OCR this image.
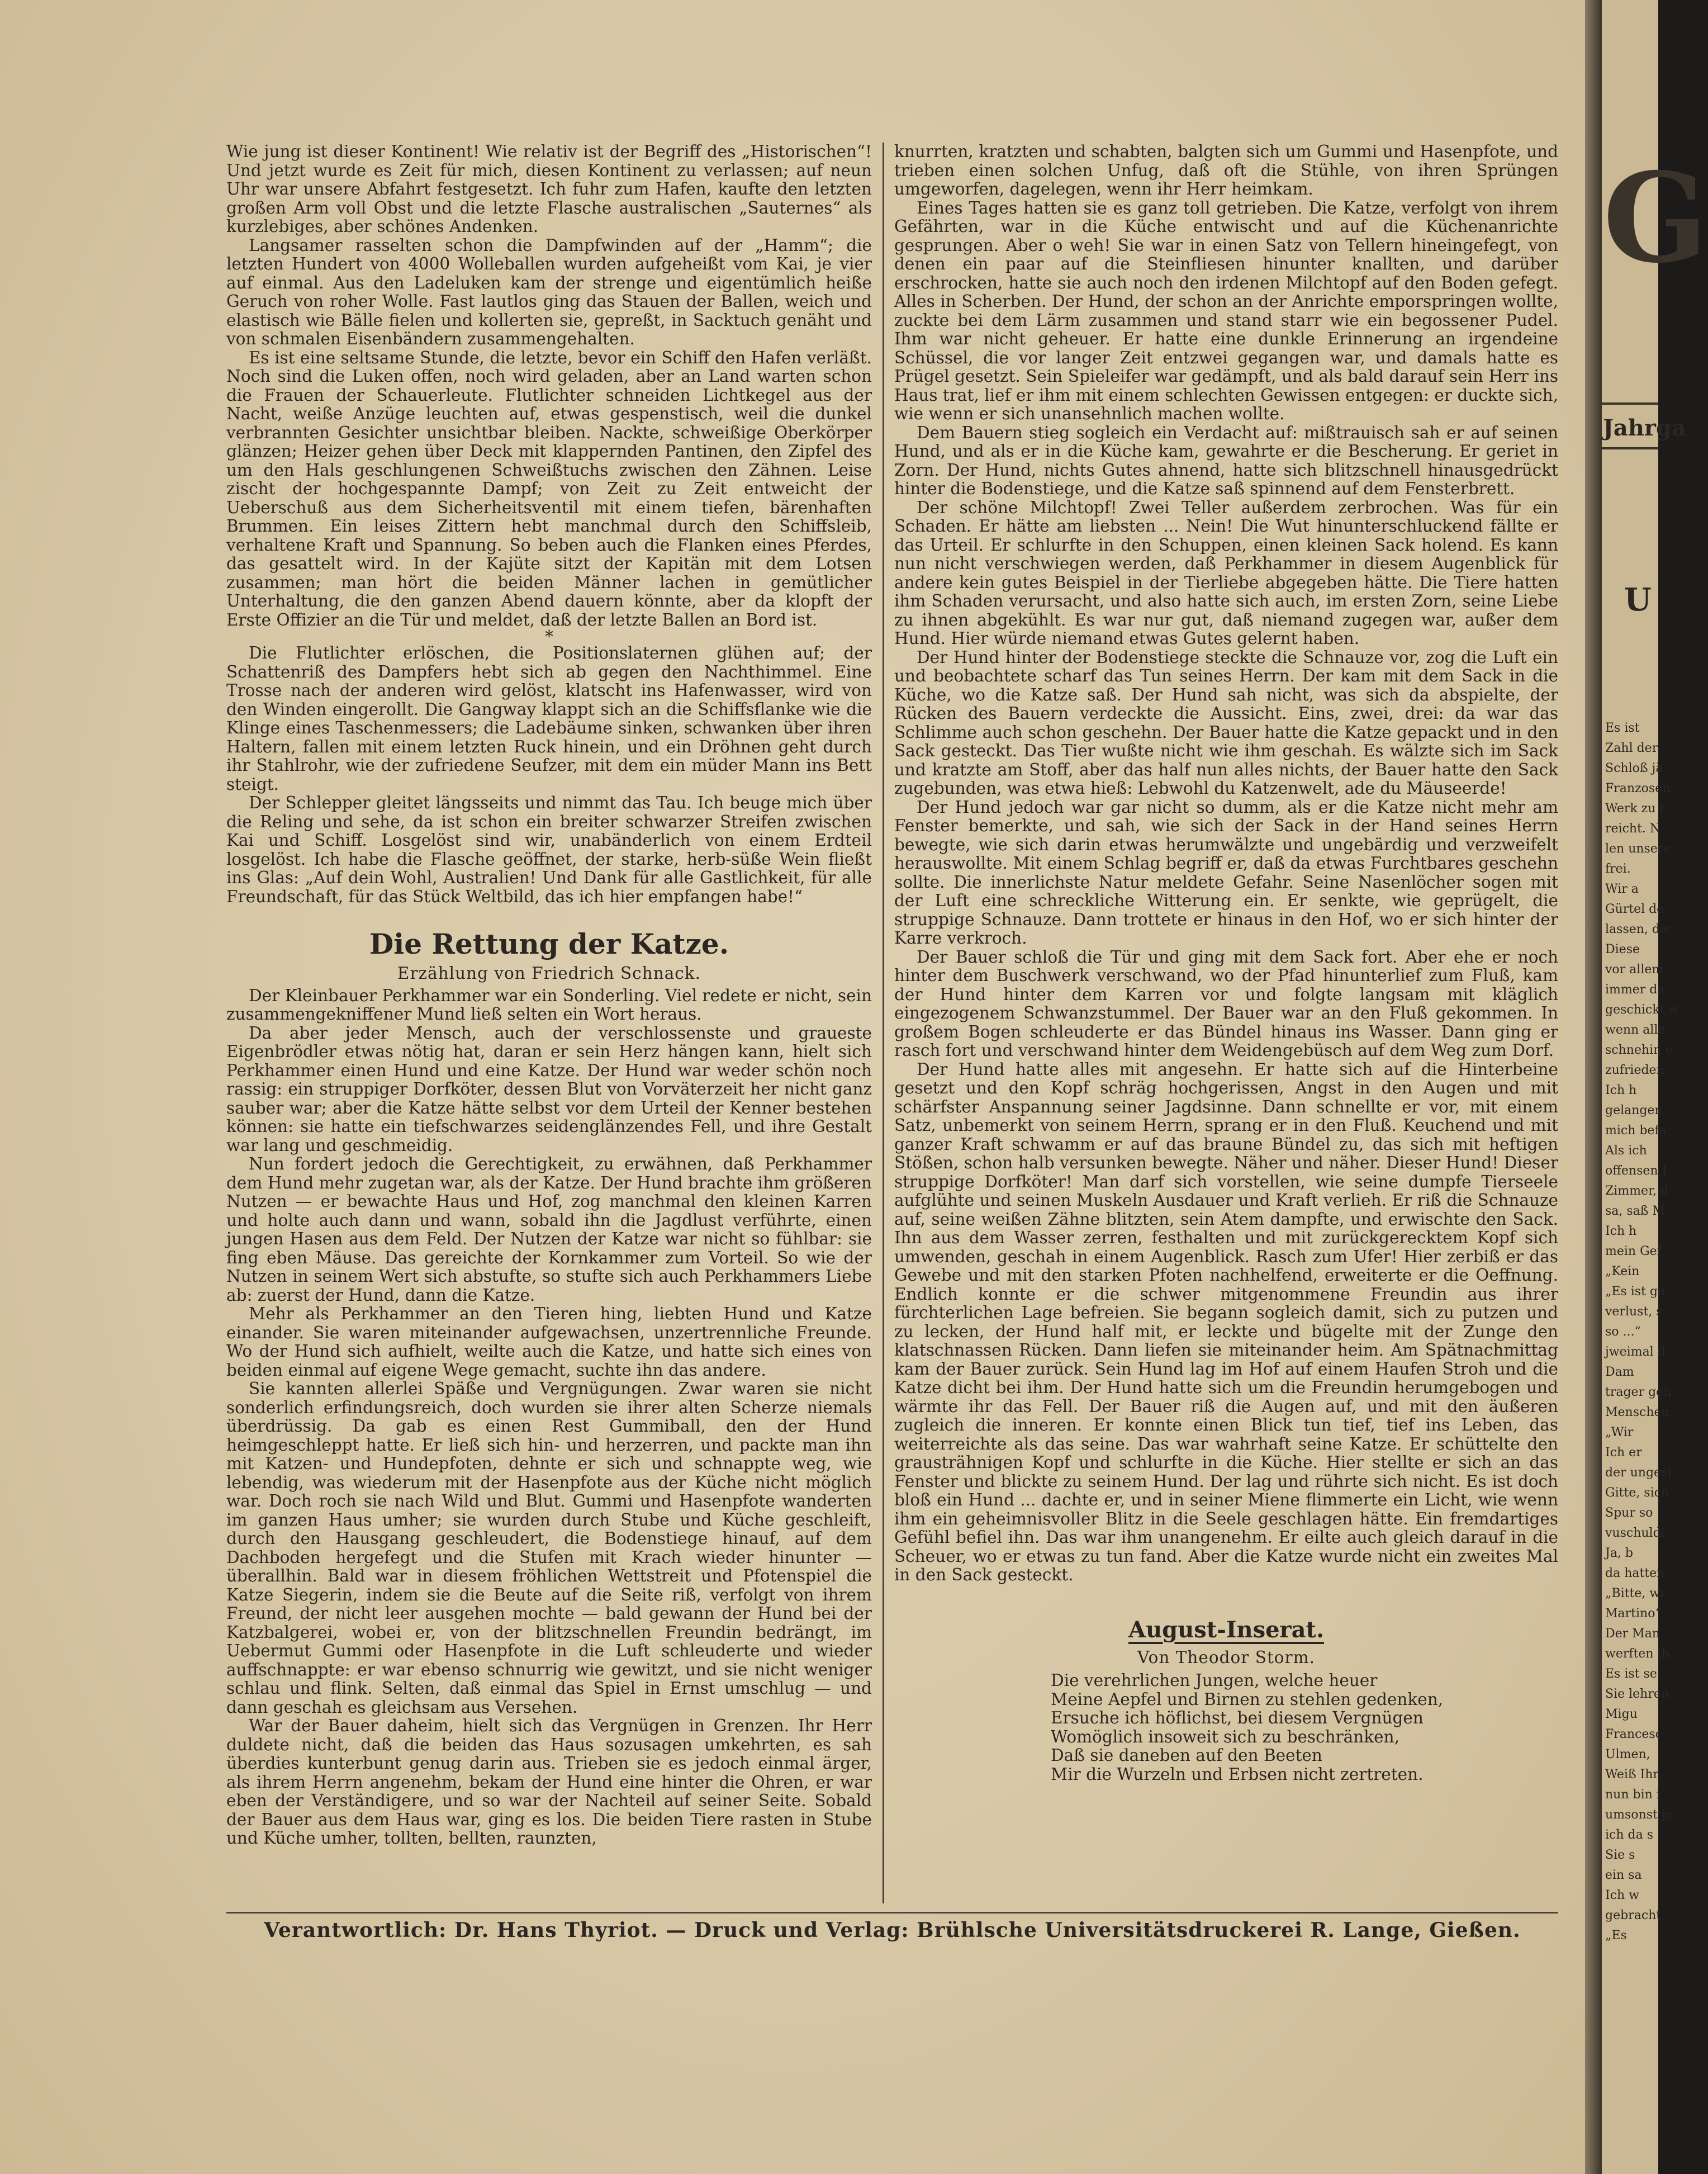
Wie jung ist dieser Kontinent! Wie relativ ist der Begriff des „Historischen“! Und jetzt wurde es Zeit für mich, diesen Kontinent zu verlassen; auf neun Uhr war unsere Abfahrt festgesetzt. Ich fuhr zum Hafen, kaufte den letzten großen Arm voll Obst und die letzte Flasche australischen „Sauternes“ als kurzlebiges, aber schönes Andenken.

Langsamer rasselten schon die Dampfwinden auf der „Hamm“; die letzten Hundert von 4000 Wolleballen wurden aufgeheißt vom Kai, je vier auf einmal. Aus den Ladeluken kam der strenge und eigentümlich heiße Geruch von roher Wolle. Fast lautlos ging das Stauen der Ballen, weich und elastisch wie Bälle fielen und kollerten sie, gepreßt, in Sacktuch genäht und von schmalen Eisenbändern zusammengehalten.

Es ist eine seltsame Stunde, die letzte, bevor ein Schiff den Hafen verläßt. Noch sind die Luken offen, noch wird geladen, aber an Land warten schon die Frauen der Schauerleute. Flutlichter schneiden Lichtkegel aus der Nacht, weiße Anzüge leuchten auf, etwas gespenstisch, weil die dunkel verbrannten Gesichter unsichtbar bleiben. Nackte, schweißige Oberkörper glänzen; Heizer gehen über Deck mit klappernden Pantinen, den Zipfel des um den Hals geschlungenen Schweißtuchs zwischen den Zähnen. Leise zischt der hochgespannte Dampf; von Zeit zu Zeit entweicht der Ueberschuß aus dem Sicherheitsventil mit einem tiefen, bärenhaften Brummen. Ein leises Zittern hebt manchmal durch den Schiffsleib, verhaltene Kraft und Spannung. So beben auch die Flanken eines Pferdes, das gesattelt wird. In der Kajüte sitzt der Kapitän mit dem Lotsen zusammen; man hört die beiden Männer lachen in gemütlicher Unterhaltung, die den ganzen Abend dauern könnte, aber da klopft der Erste Offizier an die Tür und meldet, daß der letzte Ballen an Bord ist.

*

Die Flutlichter erlöschen, die Positionslaternen glühen auf; der Schattenriß des Dampfers hebt sich ab gegen den Nachthimmel. Eine Trosse nach der anderen wird gelöst, klatscht ins Hafenwasser, wird von den Winden eingerollt. Die Gangway klappt sich an die Schiffsflanke wie die Klinge eines Taschenmessers; die Ladebäume sinken, schwanken über ihren Haltern, fallen mit einem letzten Ruck hinein, und ein Dröhnen geht durch ihr Stahlrohr, wie der zufriedene Seufzer, mit dem ein müder Mann ins Bett steigt.

Der Schlepper gleitet längsseits und nimmt das Tau. Ich beuge mich über die Reling und sehe, da ist schon ein breiter schwarzer Streifen zwischen Kai und Schiff. Losgelöst sind wir, unabänderlich von einem Erdteil losgelöst. Ich habe die Flasche geöffnet, der starke, herb-süße Wein fließt ins Glas: „Auf dein Wohl, Australien! Und Dank für alle Gastlichkeit, für alle Freundschaft, für das Stück Weltbild, das ich hier empfangen habe!“

Die Rettung der Katze.

Erzählung von Friedrich Schnack.

Der Kleinbauer Perkhammer war ein Sonderling. Viel redete er nicht, sein zusammengekniffener Mund ließ selten ein Wort heraus.

Da aber jeder Mensch, auch der verschlossenste und graueste Eigenbrödler etwas nötig hat, daran er sein Herz hängen kann, hielt sich Perkhammer einen Hund und eine Katze. Der Hund war weder schön noch rassig: ein struppiger Dorfköter, dessen Blut von Vorväterzeit her nicht ganz sauber war; aber die Katze hätte selbst vor dem Urteil der Kenner bestehen können: sie hatte ein tiefschwarzes seidenglänzendes Fell, und ihre Gestalt war lang und geschmeidig.

Nun fordert jedoch die Gerechtigkeit, zu erwähnen, daß Perkhammer dem Hund mehr zugetan war, als der Katze. Der Hund brachte ihm größeren Nutzen — er bewachte Haus und Hof, zog manchmal den kleinen Karren und holte auch dann und wann, sobald ihn die Jagdlust verführte, einen jungen Hasen aus dem Feld. Der Nutzen der Katze war nicht so fühlbar: sie fing eben Mäuse. Das gereichte der Kornkammer zum Vorteil. So wie der Nutzen in seinem Wert sich abstufte, so stufte sich auch Perkhammers Liebe ab: zuerst der Hund, dann die Katze.

Mehr als Perkhammer an den Tieren hing, liebten Hund und Katze einander. Sie waren miteinander aufgewachsen, unzertrennliche Freunde. Wo der Hund sich aufhielt, weilte auch die Katze, und hatte sich eines von beiden einmal auf eigene Wege gemacht, suchte ihn das andere.

Sie kannten allerlei Späße und Vergnügungen. Zwar waren sie nicht sonderlich erfindungsreich, doch wurden sie ihrer alten Scherze niemals überdrüssig. Da gab es einen Rest Gummiball, den der Hund heimgeschleppt hatte. Er ließ sich hin- und herzerren, und packte man ihn mit Katzen- und Hundepfoten, dehnte er sich und schnappte weg, wie lebendig, was wiederum mit der Hasenpfote aus der Küche nicht möglich war. Doch roch sie nach Wild und Blut. Gummi und Hasenpfote wanderten im ganzen Haus umher; sie wurden durch Stube und Küche geschleift, durch den Hausgang geschleudert, die Bodenstiege hinauf, auf dem Dachboden hergefegt und die Stufen mit Krach wieder hinunter — überallhin. Bald war in diesem fröhlichen Wettstreit und Pfotenspiel die Katze Siegerin, indem sie die Beute auf die Seite riß, verfolgt von ihrem Freund, der nicht leer ausgehen mochte — bald gewann der Hund bei der Katzbalgerei, wobei er, von der blitzschnellen Freundin bedrängt, im Uebermut Gummi oder Hasenpfote in die Luft schleuderte und wieder auffschnappte: er war ebenso schnurrig wie gewitzt, und sie nicht weniger schlau und flink. Selten, daß einmal das Spiel in Ernst umschlug — und dann geschah es gleichsam aus Versehen.

War der Bauer daheim, hielt sich das Vergnügen in Grenzen. Ihr Herr duldete nicht, daß die beiden das Haus sozusagen umkehrten, es sah überdies kunterbunt genug darin aus. Trieben sie es jedoch einmal ärger, als ihrem Herrn angenehm, bekam der Hund eine hinter die Ohren, er war eben der Verständigere, und so war der Nachteil auf seiner Seite. Sobald der Bauer aus dem Haus war, ging es los. Die beiden Tiere rasten in Stube und Küche umher, tollten, bellten, raunzten,

knurrten, kratzten und schabten, balgten sich um Gummi und Hasenpfote, und trieben einen solchen Unfug, daß oft die Stühle, von ihren Sprüngen umgeworfen, dagelegen, wenn ihr Herr heimkam.

Eines Tages hatten sie es ganz toll getrieben. Die Katze, verfolgt von ihrem Gefährten, war in die Küche entwischt und auf die Küchenanrichte gesprungen. Aber o weh! Sie war in einen Satz von Tellern hineingefegt, von denen ein paar auf die Steinfliesen hinunter knallten, und darüber erschrocken, hatte sie auch noch den irdenen Milchtopf auf den Boden gefegt. Alles in Scherben. Der Hund, der schon an der Anrichte emporspringen wollte, zuckte bei dem Lärm zusammen und stand starr wie ein begossener Pudel. Ihm war nicht geheuer. Er hatte eine dunkle Erinnerung an irgendeine Schüssel, die vor langer Zeit entzwei gegangen war, und damals hatte es Prügel gesetzt. Sein Spieleifer war gedämpft, und als bald darauf sein Herr ins Haus trat, lief er ihm mit einem schlechten Gewissen entgegen: er duckte sich, wie wenn er sich unansehnlich machen wollte.

Dem Bauern stieg sogleich ein Verdacht auf: mißtrauisch sah er auf seinen Hund, und als er in die Küche kam, gewahrte er die Bescherung. Er geriet in Zorn. Der Hund, nichts Gutes ahnend, hatte sich blitzschnell hinausgedrückt hinter die Bodenstiege, und die Katze saß spinnend auf dem Fensterbrett.

Der schöne Milchtopf! Zwei Teller außerdem zerbrochen. Was für ein Schaden. Er hätte am liebsten ... Nein! Die Wut hinunterschluckend fällte er das Urteil. Er schlurfte in den Schuppen, einen kleinen Sack holend. Es kann nun nicht verschwiegen werden, daß Perkhammer in diesem Augenblick für andere kein gutes Beispiel in der Tierliebe abgegeben hätte. Die Tiere hatten ihm Schaden verursacht, und also hatte sich auch, im ersten Zorn, seine Liebe zu ihnen abgekühlt. Es war nur gut, daß niemand zugegen war, außer dem Hund. Hier würde niemand etwas Gutes gelernt haben.

Der Hund hinter der Bodenstiege steckte die Schnauze vor, zog die Luft ein und beobachtete scharf das Tun seines Herrn. Der kam mit dem Sack in die Küche, wo die Katze saß. Der Hund sah nicht, was sich da abspielte, der Rücken des Bauern verdeckte die Aussicht. Eins, zwei, drei: da war das Schlimme auch schon geschehn. Der Bauer hatte die Katze gepackt und in den Sack gesteckt. Das Tier wußte nicht wie ihm geschah. Es wälzte sich im Sack und kratzte am Stoff, aber das half nun alles nichts, der Bauer hatte den Sack zugebunden, was etwa hieß: Lebwohl du Katzenwelt, ade du Mäuseerde!

Der Hund jedoch war gar nicht so dumm, als er die Katze nicht mehr am Fenster bemerkte, und sah, wie sich der Sack in der Hand seines Herrn bewegte, wie sich darin etwas herumwälzte und ungebärdig und verzweifelt herauswollte. Mit einem Schlag begriff er, daß da etwas Furchtbares geschehn sollte. Die innerlichste Natur meldete Gefahr. Seine Nasenlöcher sogen mit der Luft eine schreckliche Witterung ein. Er senkte, wie geprügelt, die struppige Schnauze. Dann trottete er hinaus in den Hof, wo er sich hinter der Karre verkroch.

Der Bauer schloß die Tür und ging mit dem Sack fort. Aber ehe er noch hinter dem Buschwerk verschwand, wo der Pfad hinunterlief zum Fluß, kam der Hund hinter dem Karren vor und folgte langsam mit kläglich eingezogenem Schwanzstummel. Der Bauer war an den Fluß gekommen. In großem Bogen schleuderte er das Bündel hinaus ins Wasser. Dann ging er rasch fort und verschwand hinter dem Weidengebüsch auf dem Weg zum Dorf.

Der Hund hatte alles mit angesehn. Er hatte sich auf die Hinterbeine gesetzt und den Kopf schräg hochgerissen, Angst in den Augen und mit schärfster Anspannung seiner Jagdsinne. Dann schnellte er vor, mit einem Satz, unbemerkt von seinem Herrn, sprang er in den Fluß. Keuchend und mit ganzer Kraft schwamm er auf das braune Bündel zu, das sich mit heftigen Stößen, schon halb versunken bewegte. Näher und näher. Dieser Hund! Dieser struppige Dorfköter! Man darf sich vorstellen, wie seine dumpfe Tierseele aufglühte und seinen Muskeln Ausdauer und Kraft verlieh. Er riß die Schnauze auf, seine weißen Zähne blitzten, sein Atem dampfte, und erwischte den Sack. Ihn aus dem Wasser zerren, festhalten und mit zurückgerecktem Kopf sich umwenden, geschah in einem Augenblick. Rasch zum Ufer! Hier zerbiß er das Gewebe und mit den starken Pfoten nachhelfend, erweiterte er die Oeffnung. Endlich konnte er die schwer mitgenommene Freundin aus ihrer fürchterlichen Lage befreien. Sie begann sogleich damit, sich zu putzen und zu lecken, der Hund half mit, er leckte und bügelte mit der Zunge den klatschnassen Rücken. Dann liefen sie miteinander heim. Am Spätnachmittag kam der Bauer zurück. Sein Hund lag im Hof auf einem Haufen Stroh und die Katze dicht bei ihm. Der Hund hatte sich um die Freundin herumgebogen und wärmte ihr das Fell. Der Bauer riß die Augen auf, und mit den äußeren zugleich die inneren. Er konnte einen Blick tun tief, tief ins Leben, das weiterreichte als das seine. Das war wahrhaft seine Katze. Er schüttelte den grausträhnigen Kopf und schlurfte in die Küche. Hier stellte er sich an das Fenster und blickte zu seinem Hund. Der lag und rührte sich nicht. Es ist doch bloß ein Hund ... dachte er, und in seiner Miene flimmerte ein Licht, wie wenn ihm ein geheimnisvoller Blitz in die Seele geschlagen hätte. Ein fremdartiges Gefühl befiel ihn. Das war ihm unangenehm. Er eilte auch gleich darauf in die Scheuer, wo er etwas zu tun fand. Aber die Katze wurde nicht ein zweites Mal in den Sack gesteckt.

August-Inserat.

Von Theodor Storm.

Die verehrlichen Jungen, welche heuer

Meine Aepfel und Birnen zu stehlen gedenken,

Ersuche ich höflichst, bei diesem Vergnügen

Womöglich insoweit sich zu beschränken,

Daß sie daneben auf den Beeten

Mir die Wurzeln und Erbsen nicht zertreten.

Verantwortlich: Dr. Hans Thyriot. — Druck und Verlag: Brühlsche Universitätsdruckerei R. Lange, Gießen.
G
Jahrga
U
Es ist
Zahl der
Schloß jä
Franzosen
Werk zu r
reicht. N
len unsere
frei.
Wir a
Gürtel de
lassen, die
Diese
vor allem
immer da
geschickt w
wenn alle
schnehin e
zufrieden
Ich h
gelangen
mich befa
Als ich
offensen I
Zimmer, d
sa, saß M
Ich h
mein Gef
„Kein
„Es ist ga
verlust, s
so ...“
jweimal d
Dam
trager geh
Menschen.
„Wir
Ich er
der ungesi
Gitte, sich
Spur so
vuschuldi
Ja, b
da hatten
„Bitte, wi
Martino“
Der Man
werften ih
Es ist se
Sie lehren
Migu
Francesc
Ulmen,
Weiß Ihr
nun bin i
umsonst je
ich da s
Sie s
ein sa
Ich w
gebracht
„Es
